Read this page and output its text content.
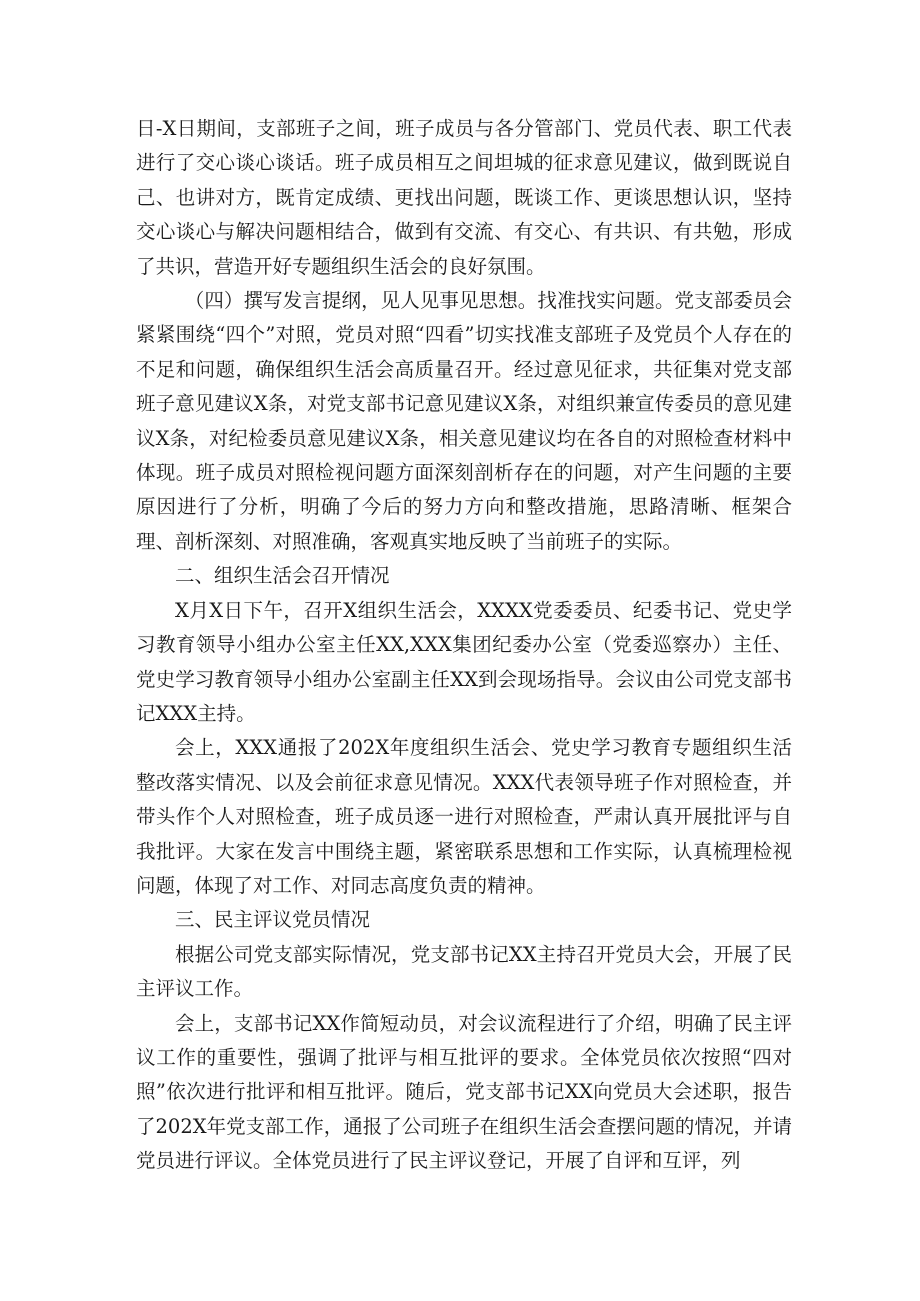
日-X日期间，支部班子之间，班子成员与各分管部门、党员代表、职工代表进行了交心谈心谈话。班子成员相互之间坦城的征求意见建议，做到既说自己、也讲对方，既肯定成绩、更找出问题，既谈工作、更谈思想认识，坚持交心谈心与解决问题相结合，做到有交流、有交心、有共识、有共勉，形成了共识，营造开好专题组织生活会的良好氛围。

（四）撰写发言提纲，见人见事见思想。找准找实问题。党支部委员会紧紧围绕“四个”对照，党员对照“四看”切实找准支部班子及党员个人存在的不足和问题，确保组织生活会高质量召开。经过意见征求，共征集对党支部班子意见建议X条，对党支部书记意见建议X条，对组织兼宣传委员的意见建议X条，对纪检委员意见建议X条，相关意见建议均在各自的对照检查材料中体现。班子成员对照检视问题方面深刻剖析存在的问题，对产生问题的主要原因进行了分析，明确了今后的努力方向和整改措施，思路清晰、框架合理、剖析深刻、对照准确，客观真实地反映了当前班子的实际。

二、组织生活会召开情况

X月X日下午，召开X组织生活会，XXXX党委委员、纪委书记、党史学习教育领导小组办公室主任XX,XXX集团纪委办公室（党委巡察办）主任、党史学习教育领导小组办公室副主任XX到会现场指导。会议由公司党支部书记XXX主持。

会上，XXX通报了202X年度组织生活会、党史学习教育专题组织生活整改落实情况、以及会前征求意见情况。XXX代表领导班子作对照检查，并带头作个人对照检查，班子成员逐一进行对照检查，严肃认真开展批评与自我批评。大家在发言中围绕主题，紧密联系思想和工作实际，认真梳理检视问题，体现了对工作、对同志高度负责的精神。

三、民主评议党员情况

根据公司党支部实际情况，党支部书记XX主持召开党员大会，开展了民主评议工作。

会上，支部书记XX作简短动员，对会议流程进行了介绍，明确了民主评议工作的重要性，强调了批评与相互批评的要求。全体党员依次按照“四对照”依次进行批评和相互批评。随后，党支部书记XX向党员大会述职，报告了202X年党支部工作，通报了公司班子在组织生活会查摆问题的情况，并请党员进行评议。全体党员进行了民主评议登记，开展了自评和互评，列
